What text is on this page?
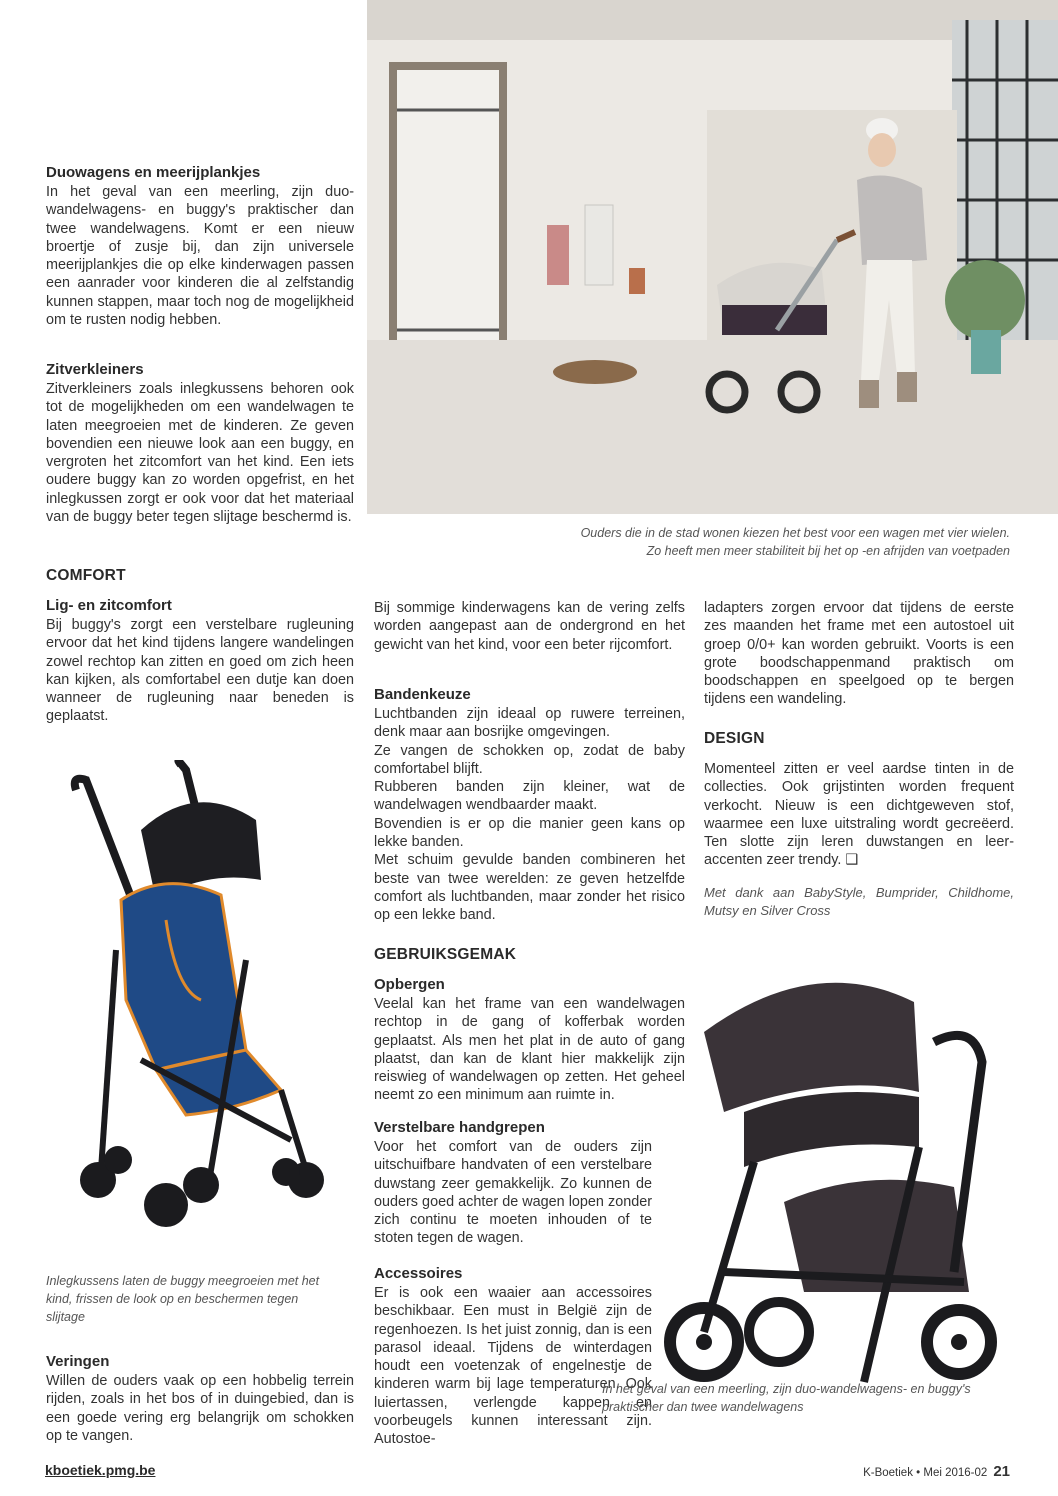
Ouders die in de stad wonen kiezen het best voor een wagen met vier wielen.
Zo heeft men meer stabiliteit bij het op -en afrijden van voetpaden
Duowagens en meerijplankjes

In het geval van een meerling, zijn duo-wandelwagens- en buggy's praktischer dan twee wandelwagens. Komt er een nieuw broertje of zusje bij, dan zijn universele meerijplankjes die op elke kinderwagen passen een aanrader voor kinderen die al zelfstandig kunnen stappen, maar toch nog de mogelijkheid om te rusten nodig hebben.

Zitverkleiners

Zitverkleiners zoals inlegkussens behoren ook tot de mogelijkheden om een wandelwagen te laten meegroeien met de kinderen. Ze geven bovendien een nieuwe look aan een buggy, en vergroten het zitcomfort van het kind. Een iets oudere buggy kan zo worden opgefrist, en het inlegkussen zorgt er ook voor dat het materiaal van de buggy beter tegen slijtage beschermd is.

COMFORT
Lig- en zitcomfort

Bij buggy's zorgt een verstelbare rugleuning ervoor dat het kind tijdens langere wandelingen zowel rechtop kan zitten en goed om zich heen kan kijken, als comfortabel een dutje kan doen wanneer de rugleuning naar beneden is geplaatst.

Inlegkussens laten de buggy meegroeien met het kind, frissen de look op en beschermen tegen slijtage
Veringen

Willen de ouders vaak op een hobbelig terrein rijden, zoals in het bos of in duingebied, dan is een goede vering erg belangrijk om schokken op te vangen.

Bij sommige kinderwagens kan de vering zelfs worden aangepast aan de ondergrond en het gewicht van het kind, voor een beter rijcomfort.

Bandenkeuze

Luchtbanden zijn ideaal op ruwere terreinen, denk maar aan bosrijke omgevingen.

Ze vangen de schokken op, zodat de baby comfortabel blijft.

Rubberen banden zijn kleiner, wat de wandelwagen wendbaarder maakt.

Bovendien is er op die manier geen kans op lekke banden.

Met schuim gevulde banden combineren het beste van twee werelden: ze geven hetzelfde comfort als luchtbanden, maar zonder het risico op een lekke band.

GEBRUIKSGEMAK
Opbergen

Veelal kan het frame van een wandelwagen rechtop in de gang of kofferbak worden geplaatst. Als men het plat in de auto of gang plaatst, dan kan de klant hier makkelijk zijn reiswieg of wandelwagen op zetten. Het geheel neemt zo een minimum aan ruimte in.

Verstelbare handgrepen

Voor het comfort van de ouders zijn uitschuifbare handvaten of een verstelbare duwstang zeer gemakkelijk. Zo kunnen de ouders goed achter de wagen lopen zonder zich continu te moeten inhouden of te stoten tegen de wagen.

Accessoires

Er is ook een waaier aan accessoires beschikbaar. Een must in België zijn de regenhoezen. Is het juist zonnig, dan is een parasol ideaal. Tijdens de winterdagen houdt een voetenzak of engelnestje de kinderen warm bij lage temperaturen. Ook luiertassen, verlengde kappen en voorbeugels kunnen interessant zijn. Autostoe-

ladapters zorgen ervoor dat tijdens de eerste zes maanden het frame met een autostoel uit groep 0/0+ kan worden gebruikt. Voorts is een grote boodschappenmand praktisch om boodschappen en speelgoed op te bergen tijdens een wandeling.

DESIGN

Momenteel zitten er veel aardse tinten in de collecties. Ook grijstinten worden frequent verkocht. Nieuw is een dichtgeweven stof, waarmee een luxe uitstraling wordt gecreëerd. Ten slotte zijn leren duwstangen en leer-accenten zeer trendy. ❑

Met dank aan BabyStyle, Bumprider, Childhome, Mutsy en Silver Cross

In het geval van een meerling, zijn duo-wandelwagens- en buggy's praktischer dan twee wandelwagens
kboetiek.pmg.be	K-Boetiek • Mei 2016-02 21
